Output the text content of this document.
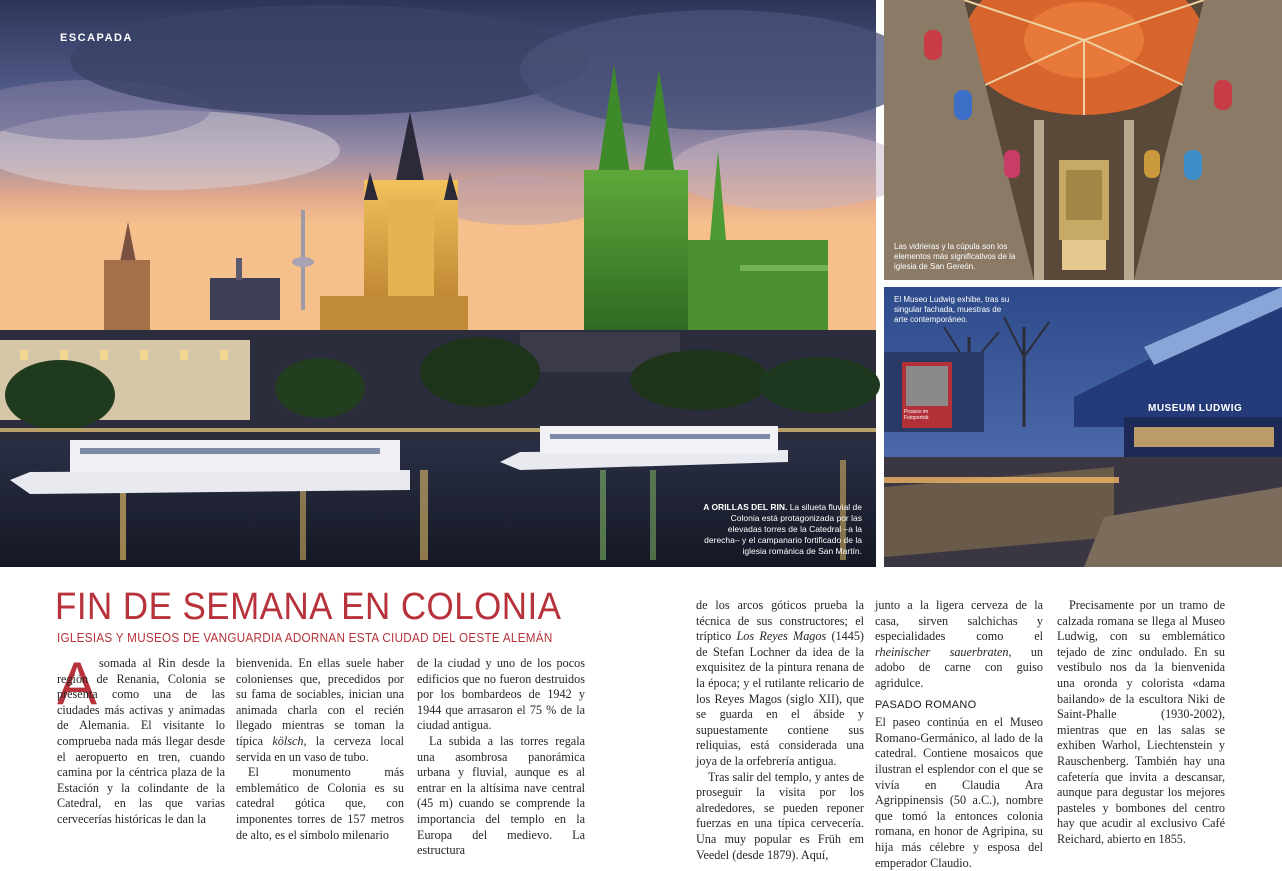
ESCAPADA
A ORILLAS DEL RIN. La silueta fluvial de Colonia está protagonizada por las elevadas torres de la Catedral –a la derecha– y el campanario fortificado de la iglesia románica de San Martín.
Las vidrieras y la cúpula son los elementos más significativos de la iglesia de San Gereón.
MUSEUM LUDWIG
Picasso im Fotoporträt
El Museo Ludwig exhibe, tras su singular fachada, muestras de arte contemporáneo.
FIN DE SEMANA EN COLONIA
IGLESIAS Y MUSEOS DE VANGUARDIA ADORNAN ESTA CIUDAD DEL OESTE ALEMÁN
A somada al Rin desde la región de Renania, Colonia se presenta como una de las ciudades más activas y animadas de Alemania. El visitante lo comprueba nada más llegar desde el aeropuerto en tren, cuando camina por la céntrica plaza de la Estación y la colindante de la Catedral, en las que varias cervecerías históricas le dan la

bienvenida. En ellas suele haber colonienses que, precedidos por su fama de sociables, inician una animada charla con el recién llegado mientras se toman la típica kölsch, la cerveza local servida en un vaso de tubo.

El monumento más emblemático de Colonia es su catedral gótica que, con imponentes torres de 157 metros de alto, es el símbolo milenario

de la ciudad y uno de los pocos edificios que no fueron destruidos por los bombardeos de 1942 y 1944 que arrasaron el 75 % de la ciudad antigua.

La subida a las torres regala una asombrosa panorámica urbana y fluvial, aunque es al entrar en la altísima nave central (45 m) cuando se comprende la importancia del templo en la Europa del medievo. La estructura

de los arcos góticos prueba la técnica de sus constructores; el tríptico Los Reyes Magos (1445) de Stefan Lochner da idea de la exquisitez de la pintura renana de la época; y el rutilante relicario de los Reyes Magos (siglo XII), que se guarda en el ábside y supuestamente contiene sus reliquias, está considerada una joya de la orfebrería antigua.

Tras salir del templo, y antes de proseguir la visita por los alrededores, se pueden reponer fuerzas en una típica cervecería. Una muy popular es Früh em Veedel (desde 1879). Aquí,

junto a la ligera cerveza de la casa, sirven salchichas y especialidades como el rheinischer sauerbraten, un adobo de carne con guiso agridulce.

PASADO ROMANO

El paseo continúa en el Museo Romano-Germánico, al lado de la catedral. Contiene mosaicos que ilustran el esplendor con el que se vivía en Claudia Ara Agrippinensis (50 a.C.), nombre que tomó la entonces colonia romana, en honor de Agripina, su hija más célebre y esposa del emperador Claudio.

Precisamente por un tramo de calzada romana se llega al Museo Ludwig, con su emblemático tejado de zinc ondulado. En su vestíbulo nos da la bienvenida una oronda y colorista «dama bailando» de la escultora Niki de Saint-Phalle (1930-2002), mientras que en las salas se exhiben Warhol, Liechtenstein y Rauschenberg. También hay una cafetería que invita a descansar, aunque para degustar los mejores pasteles y bombones del centro hay que acudir al exclusivo Café Reichard, abierto en 1855.
